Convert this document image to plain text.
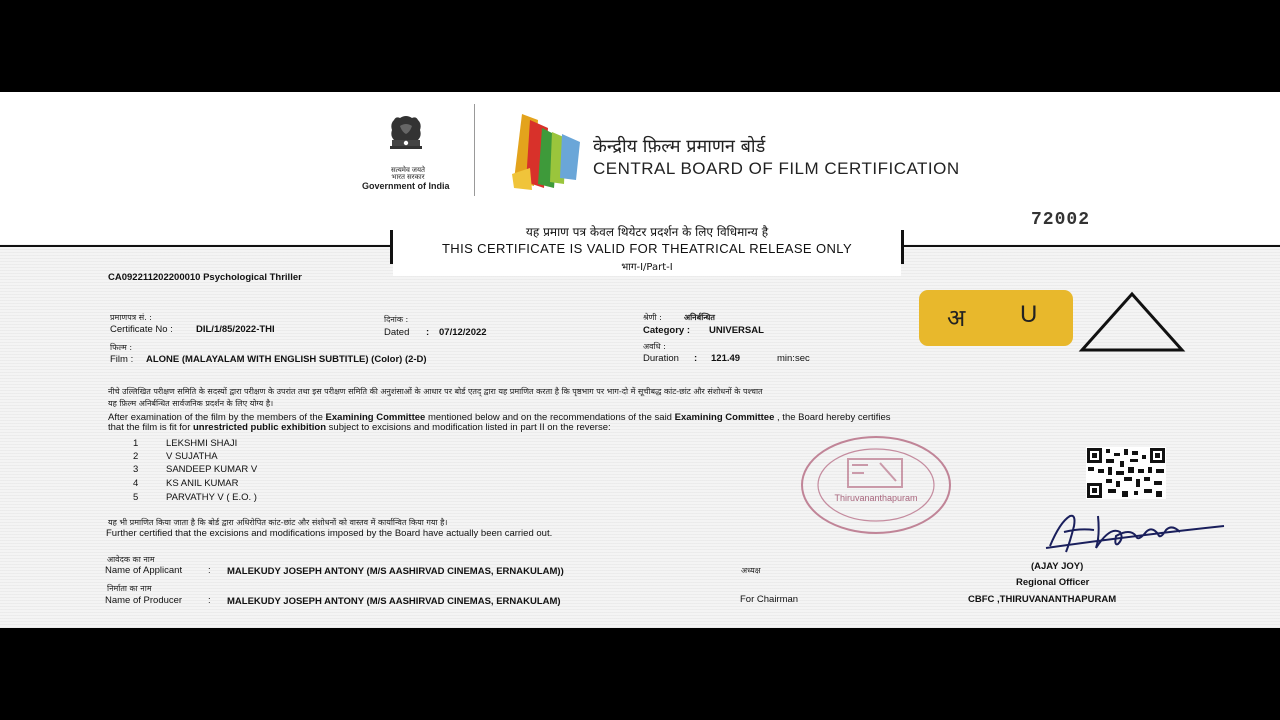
सत्यमेव जयते
भारत सरकार
Government of India
केन्द्रीय फ़िल्म प्रमाणन बोर्ड
CENTRAL BOARD OF FILM CERTIFICATION
72002
यह प्रमाण पत्र केवल थियेटर प्रदर्शन के लिए विधिमान्य है
THIS CERTIFICATE IS VALID FOR THEATRICAL RELEASE ONLY
भाग-I/Part-I
CA092211202200010 Psychological Thriller
प्रमाणपत्र सं. :
Certificate No : DIL/1/85/2022-THI
दिनांक :
Dated : 07/12/2022
श्रेणी :	अनिर्बन्धित
Category : UNIVERSAL
फिल्म :
Film : ALONE (MALAYALAM WITH ENGLISH SUBTITLE) (Color) (2-D)
अवधि :
Duration : 121.49	min:sec
अ U
नीचे उल्लिखित परीक्षण समिति के सदस्यों द्वारा परीक्षण के उपरांत तथा इस परीक्षण समिति की अनुशंसाओं के आधार पर बोर्ड एतद् द्वारा यह प्रमाणित करता है कि पृष्ठभाग पर भाग-दो में सूचीबद्ध कांट-छांट और संशोधनों के पश्चात
यह फ़िल्म अनिर्बन्धित सार्वजनिक प्रदर्शन के लिए योग्य है।
After examination of the film by the members of the Examining Committee mentioned below and on the recommendations of the said Examining Committee , the Board hereby certifies
that the film is fit for unrestricted public exhibition subject to excisions and modification listed in part II on the reverse:
1	LEKSHMI SHAJI
2	V SUJATHA
3	SANDEEP KUMAR V
4	KS ANIL KUMAR
5	PARVATHY V ( E.O. )	Thiruvananthapuram
यह भी प्रमाणित किया जाता है कि बोर्ड द्वारा अधिरोपित कांट-छांट और संशोधनों को वास्तव में कार्यान्वित किया गया है।
Further certified that the excisions and modifications imposed by the Board have actually been carried out.
आवेदक का नाम
Name of Applicant	: MALEKUDY JOSEPH ANTONY (M/S AASHIRVAD CINEMAS, ERNAKULAM))	अध्यक्ष
For Chairman
(AJAY JOY)
Regional Officer
CBFC ,THIRUVANANTHAPURAM
निर्माता का नाम
Name of Producer	: MALEKUDY JOSEPH ANTONY (M/S AASHIRVAD CINEMAS, ERNAKULAM)
